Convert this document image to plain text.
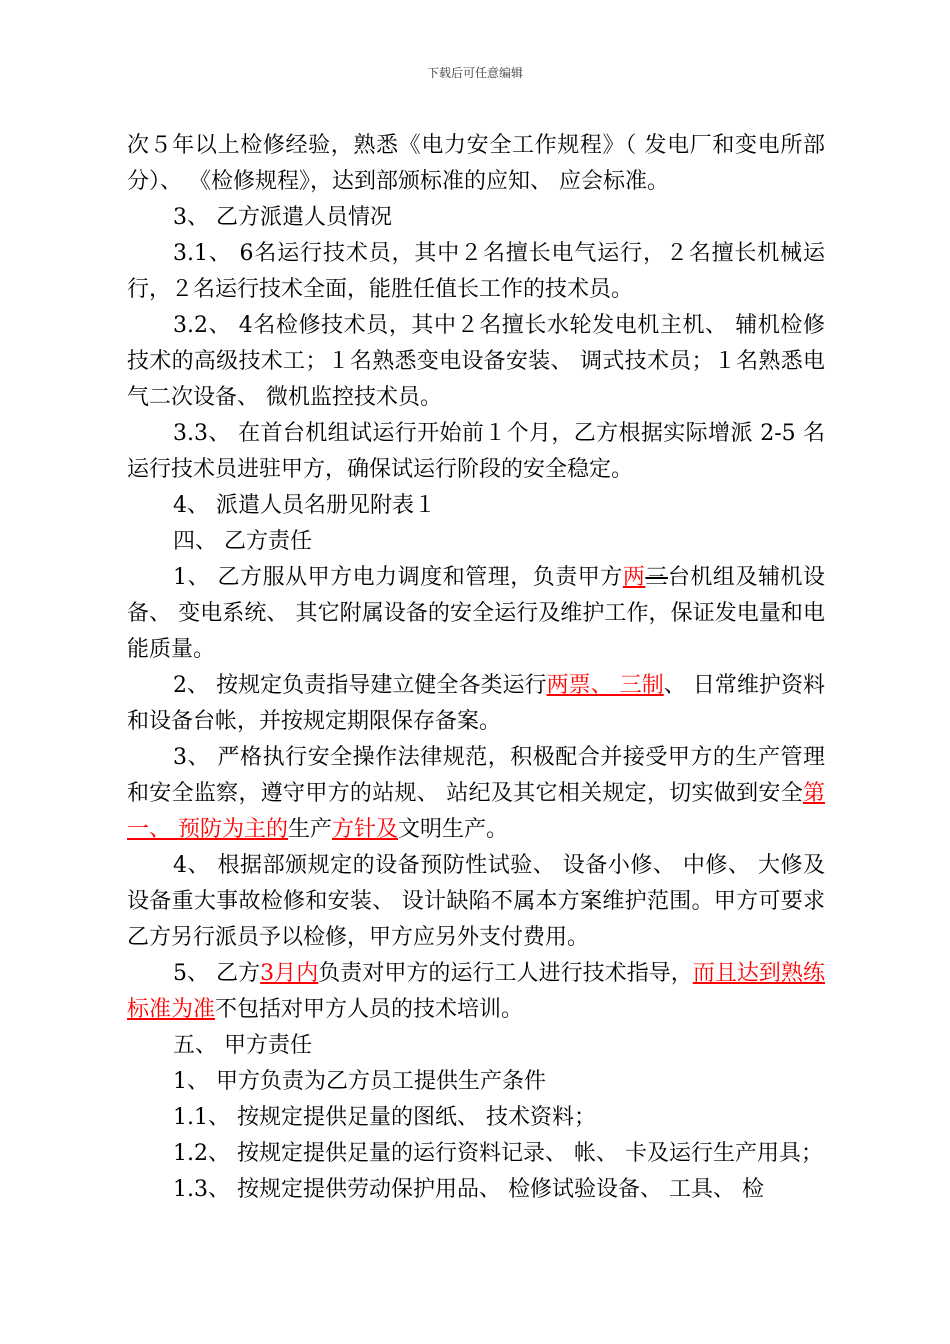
下载后可任意编辑

次５年以上检修经验，熟悉《电力安全工作规程》（ 发电厂和变电所部分）、 《检修规程》，达到部颁标准的应知、 应会标准。

3、 乙方派遣人员情况

3.1、 6名运行技术员，其中２名擅长电气运行，２名擅长机械运行，２名运行技术全面，能胜任值长工作的技术员。

3.2、 4名检修技术员，其中２名擅长水轮发电机主机、 辅机检修技术的高级技术工；１名熟悉变电设备安装、 调式技术员；１名熟悉电气二次设备、 微机监控技术员。

3.3、 在首台机组试运行开始前１个月，乙方根据实际增派 2-5 名运行技术员进驻甲方，确保试运行阶段的安全稳定。

4、 派遣人员名册见附表１

四、 乙方责任

1、 乙方服从甲方电力调度和管理，负责甲方两三台机组及辅机设备、 变电系统、 其它附属设备的安全运行及维护工作，保证发电量和电能质量。

2、 按规定负责指导建立健全各类运行两票、 三制、 日常维护资料和设备台帐，并按规定期限保存备案。

3、 严格执行安全操作法律规范，积极配合并接受甲方的生产管理和安全监察，遵守甲方的站规、 站纪及其它相关规定，切实做到安全第一、 预防为主的生产方针及文明生产。

4、 根据部颁规定的设备预防性试验、 设备小修、 中修、 大修及设备重大事故检修和安装、 设计缺陷不属本方案维护范围。甲方可要求乙方另行派员予以检修，甲方应另外支付费用。

5、 乙方3月内负责对甲方的运行工人进行技术指导，而且达到熟练标准为准不包括对甲方人员的技术培训。

五、 甲方责任

1、 甲方负责为乙方员工提供生产条件

1.1、 按规定提供足量的图纸、 技术资料；

1.2、 按规定提供足量的运行资料记录、 帐、 卡及运行生产用具；

1.3、 按规定提供劳动保护用品、 检修试验设备、 工具、 检
